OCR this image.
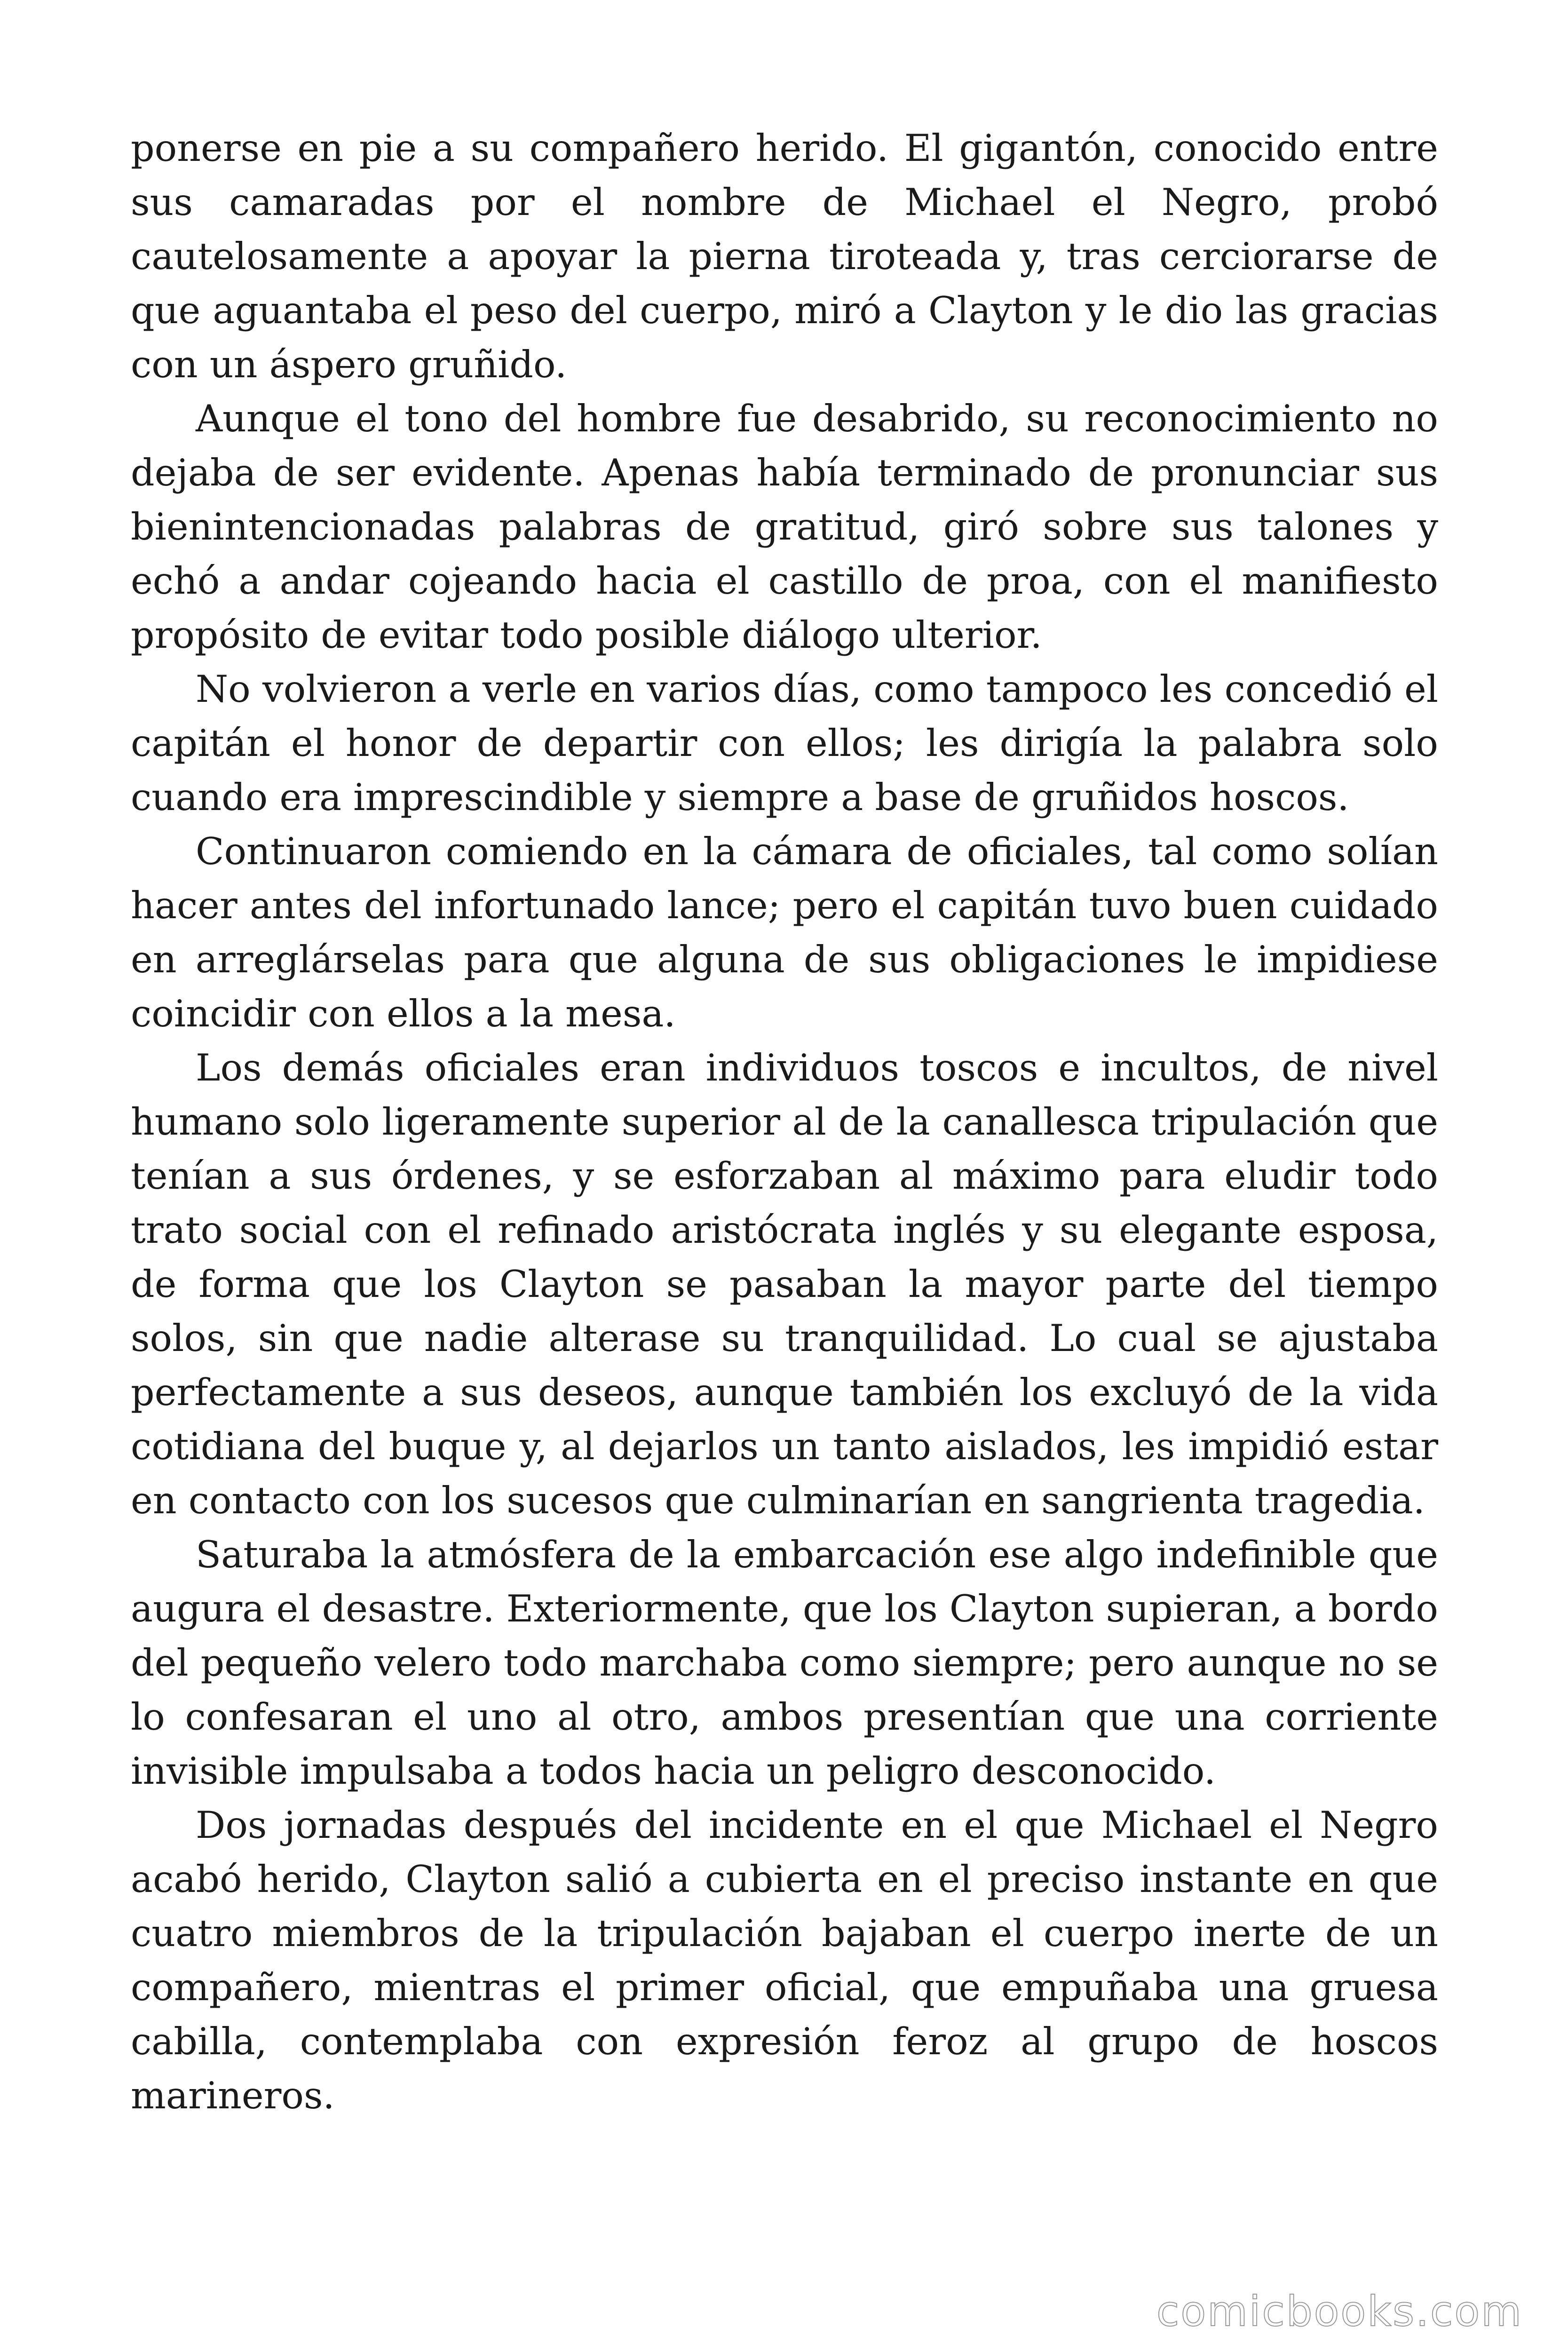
ponerse en pie a su compañero herido. El gigantón, conocido entre sus camaradas por el nombre de Michael el Negro, probó cautelosamente a apoyar la pierna tiroteada y, tras cerciorarse de que aguantaba el peso del cuerpo, miró a Clayton y le dio las gracias con un áspero gruñido.

Aunque el tono del hombre fue desabrido, su reconocimiento no dejaba de ser evidente. Apenas había terminado de pronunciar sus bienintencionadas palabras de gratitud, giró sobre sus talones y echó a andar cojeando hacia el castillo de proa, con el manifiesto propósito de evitar todo posible diálogo ulterior.

No volvieron a verle en varios días, como tampoco les concedió el capitán el honor de departir con ellos; les dirigía la palabra solo cuando era imprescindible y siempre a base de gruñidos hoscos.

Continuaron comiendo en la cámara de oficiales, tal como solían hacer antes del infortunado lance; pero el capitán tuvo buen cuidado en arreglárselas para que alguna de sus obligaciones le impidiese coincidir con ellos a la mesa.

Los demás oficiales eran individuos toscos e incultos, de nivel humano solo ligeramente superior al de la canallesca tripulación que tenían a sus órdenes, y se esforzaban al máximo para eludir todo trato social con el refinado aristócrata inglés y su elegante esposa, de forma que los Clayton se pasaban la mayor parte del tiempo solos, sin que nadie alterase su tranquilidad. Lo cual se ajustaba perfectamente a sus deseos, aunque también los excluyó de la vida cotidiana del buque y, al dejarlos un tanto aislados, les impidió estar en contacto con los sucesos que culminarían en sangrienta tragedia.

Saturaba la atmósfera de la embarcación ese algo indefinible que augura el desastre. Exteriormente, que los Clayton supieran, a bordo del pequeño velero todo marchaba como siempre; pero aunque no se lo confesaran el uno al otro, ambos presentían que una corriente invisible impulsaba a todos hacia un peligro desconocido.

Dos jornadas después del incidente en el que Michael el Negro acabó herido, Clayton salió a cubierta en el preciso instante en que cuatro miembros de la tripulación bajaban el cuerpo inerte de un compañero, mientras el primer oficial, que empuñaba una gruesa cabilla, contemplaba con expresión feroz al grupo de hoscos marineros.

comicbooks.com
